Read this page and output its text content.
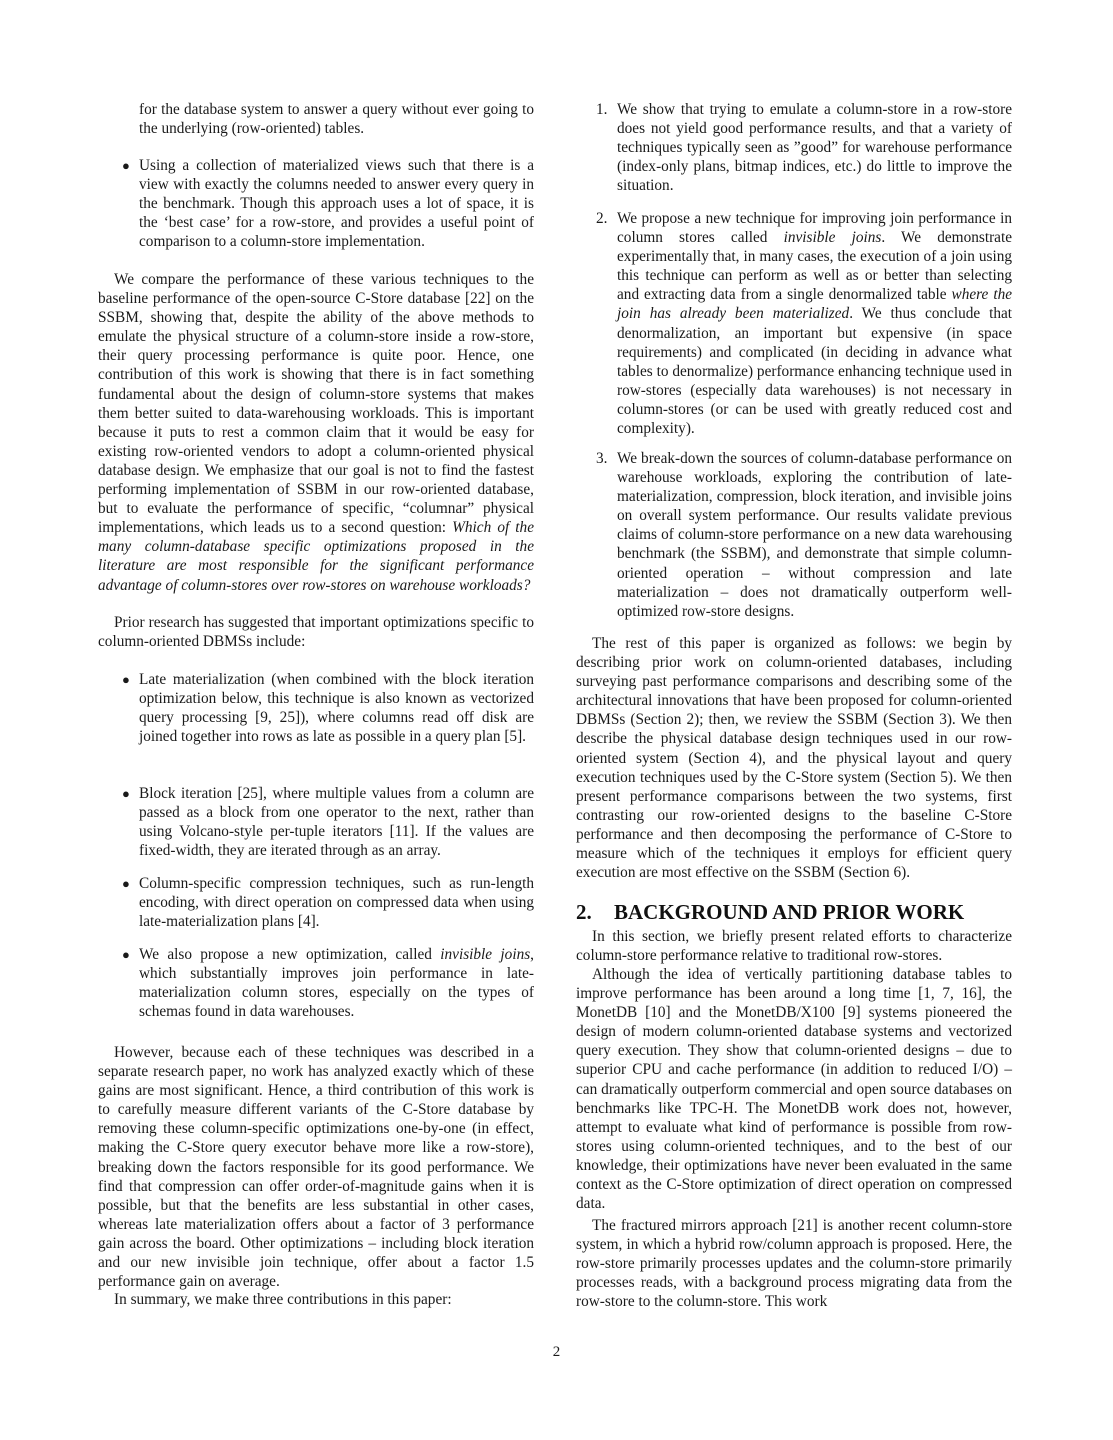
for the database system to answer a query without ever going to the underlying (row-oriented) tables.
● Using a collection of materialized views such that there is a view with exactly the columns needed to answer every query in the benchmark. Though this approach uses a lot of space, it is the ‘best case’ for a row-store, and provides a useful point of comparison to a column-store implementation.

We compare the performance of these various techniques to the baseline performance of the open-source C-Store database [22] on the SSBM, showing that, despite the ability of the above methods to emulate the physical structure of a column-store inside a row-store, their query processing performance is quite poor. Hence, one contribution of this work is showing that there is in fact something fundamental about the design of column-store systems that makes them better suited to data-warehousing workloads. This is important because it puts to rest a common claim that it would be easy for existing row-oriented vendors to adopt a column-oriented physical database design. We emphasize that our goal is not to find the fastest performing implementation of SSBM in our row-oriented database, but to evaluate the performance of specific, “columnar” physical implementations, which leads us to a second question: Which of the many column-database specific optimizations proposed in the literature are most responsible for the significant performance advantage of column-stores over row-stores on warehouse workloads?

Prior research has suggested that important optimizations specific to column-oriented DBMSs include:

● Late materialization (when combined with the block iteration optimization below, this technique is also known as vectorized query processing [9, 25]), where columns read off disk are joined together into rows as late as possible in a query plan [5].
● Block iteration [25], where multiple values from a column are passed as a block from one operator to the next, rather than using Volcano-style per-tuple iterators [11]. If the values are fixed-width, they are iterated through as an array.
● Column-specific compression techniques, such as run-length encoding, with direct operation on compressed data when using late-materialization plans [4].
● We also propose a new optimization, called invisible joins, which substantially improves join performance in late-materialization column stores, especially on the types of schemas found in data warehouses.

However, because each of these techniques was described in a separate research paper, no work has analyzed exactly which of these gains are most significant. Hence, a third contribution of this work is to carefully measure different variants of the C-Store database by removing these column-specific optimizations one-by-one (in effect, making the C-Store query executor behave more like a row-store), breaking down the factors responsible for its good performance. We find that compression can offer order-of-magnitude gains when it is possible, but that the benefits are less substantial in other cases, whereas late materialization offers about a factor of 3 performance gain across the board. Other optimizations – including block iteration and our new invisible join technique, offer about a factor 1.5 performance gain on average.

In summary, we make three contributions in this paper:

1. We show that trying to emulate a column-store in a row-store does not yield good performance results, and that a variety of techniques typically seen as ”good” for warehouse performance (index-only plans, bitmap indices, etc.) do little to improve the situation.
2. We propose a new technique for improving join performance in column stores called invisible joins. We demonstrate experimentally that, in many cases, the execution of a join using this technique can perform as well as or better than selecting and extracting data from a single denormalized table where the join has already been materialized. We thus conclude that denormalization, an important but expensive (in space requirements) and complicated (in deciding in advance what tables to denormalize) performance enhancing technique used in row-stores (especially data warehouses) is not necessary in column-stores (or can be used with greatly reduced cost and complexity).
3. We break-down the sources of column-database performance on warehouse workloads, exploring the contribution of late-materialization, compression, block iteration, and invisible joins on overall system performance. Our results validate previous claims of column-store performance on a new data warehousing benchmark (the SSBM), and demonstrate that simple column-oriented operation – without compression and late materialization – does not dramatically outperform well-optimized row-store designs.

The rest of this paper is organized as follows: we begin by describing prior work on column-oriented databases, including surveying past performance comparisons and describing some of the architectural innovations that have been proposed for column-oriented DBMSs (Section 2); then, we review the SSBM (Section 3). We then describe the physical database design techniques used in our row-oriented system (Section 4), and the physical layout and query execution techniques used by the C-Store system (Section 5). We then present performance comparisons between the two systems, first contrasting our row-oriented designs to the baseline C-Store performance and then decomposing the performance of C-Store to measure which of the techniques it employs for efficient query execution are most effective on the SSBM (Section 6).

2. BACKGROUND AND PRIOR WORK

In this section, we briefly present related efforts to characterize column-store performance relative to traditional row-stores.

Although the idea of vertically partitioning database tables to improve performance has been around a long time [1, 7, 16], the MonetDB [10] and the MonetDB/X100 [9] systems pioneered the design of modern column-oriented database systems and vectorized query execution. They show that column-oriented designs – due to superior CPU and cache performance (in addition to reduced I/O) – can dramatically outperform commercial and open source databases on benchmarks like TPC-H. The MonetDB work does not, however, attempt to evaluate what kind of performance is possible from row-stores using column-oriented techniques, and to the best of our knowledge, their optimizations have never been evaluated in the same context as the C-Store optimization of direct operation on compressed data.

The fractured mirrors approach [21] is another recent column-store system, in which a hybrid row/column approach is proposed. Here, the row-store primarily processes updates and the column-store primarily processes reads, with a background process migrating data from the row-store to the column-store. This work

2
